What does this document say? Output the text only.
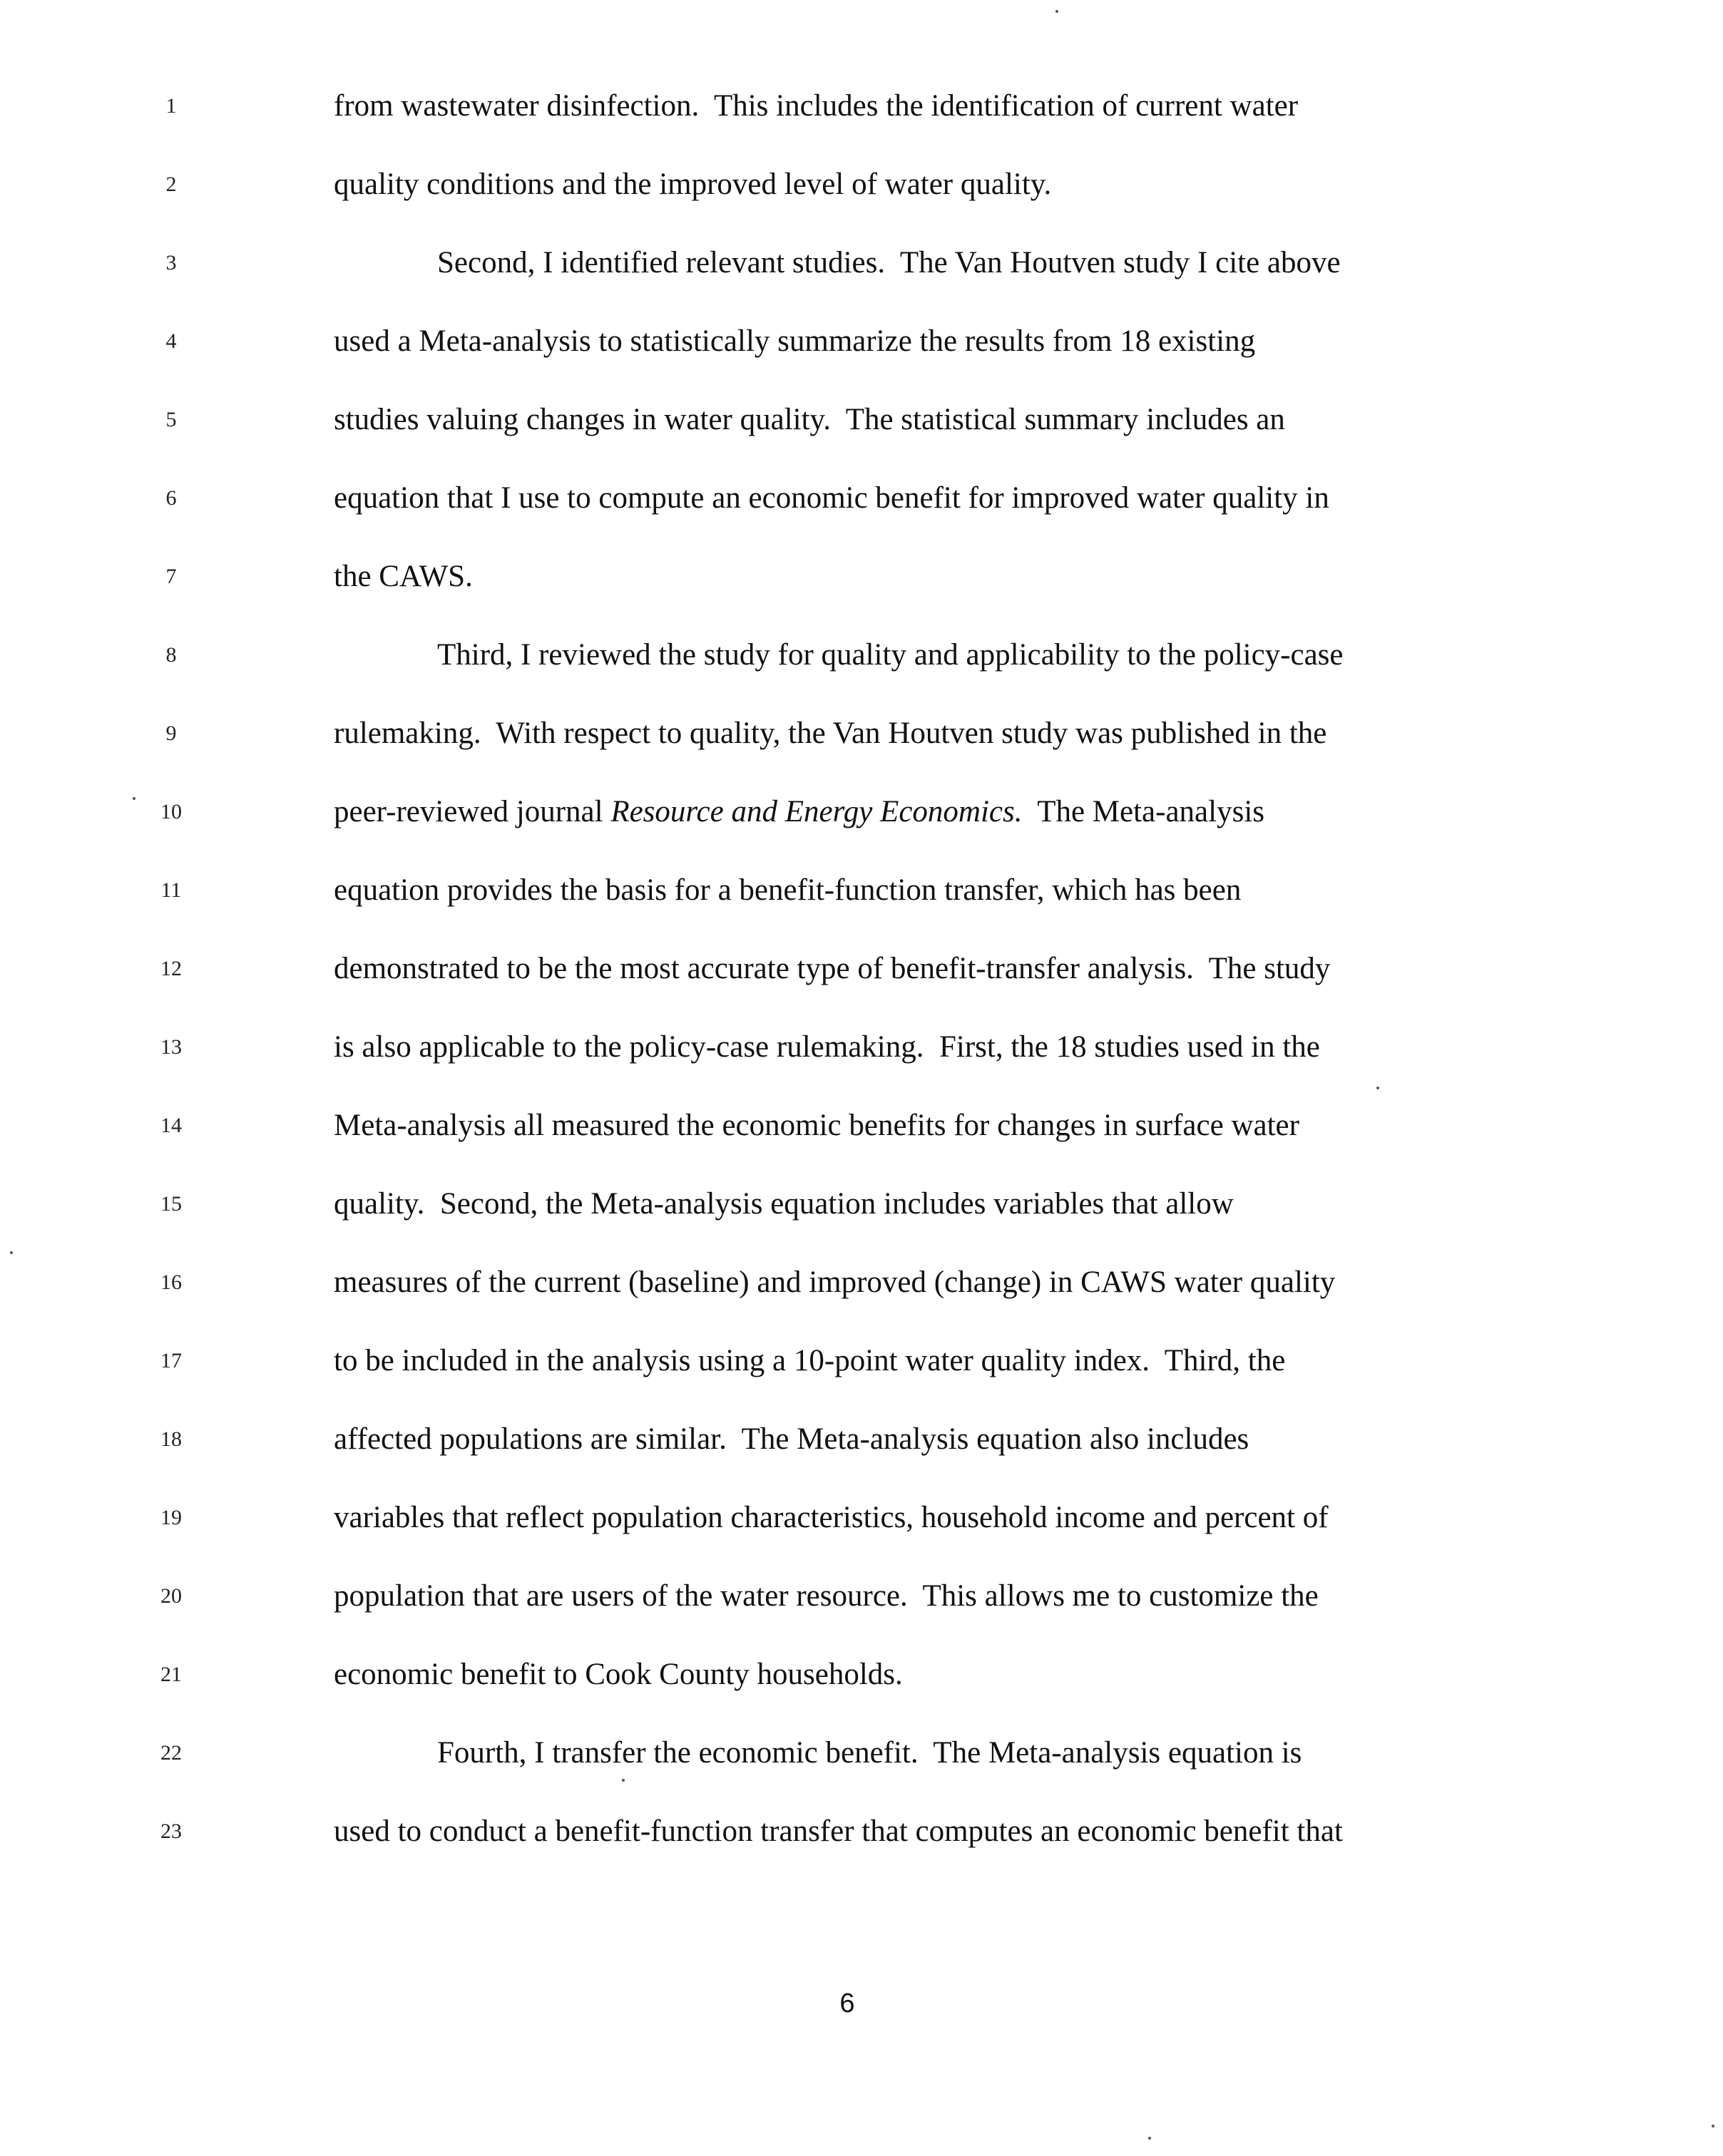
1	from wastewater disinfection.  This includes the identification of current water
2	quality conditions and the improved level of water quality.
3	Second, I identified relevant studies.  The Van Houtven study I cite above
4	used a Meta-analysis to statistically summarize the results from 18 existing
5	studies valuing changes in water quality.  The statistical summary includes an
6	equation that I use to compute an economic benefit for improved water quality in
7	the CAWS.
8	Third, I reviewed the study for quality and applicability to the policy-case
9	rulemaking.  With respect to quality, the Van Houtven study was published in the
10	peer-reviewed journal Resource and Energy Economics.  The Meta-analysis
11	equation provides the basis for a benefit-function transfer, which has been
12	demonstrated to be the most accurate type of benefit-transfer analysis.  The study
13	is also applicable to the policy-case rulemaking.  First, the 18 studies used in the
14	Meta-analysis all measured the economic benefits for changes in surface water
15	quality.  Second, the Meta-analysis equation includes variables that allow
16	measures of the current (baseline) and improved (change) in CAWS water quality
17	to be included in the analysis using a 10-point water quality index.  Third, the
18	affected populations are similar.  The Meta-analysis equation also includes
19	variables that reflect population characteristics, household income and percent of
20	population that are users of the water resource.  This allows me to customize the
21	economic benefit to Cook County households.
22	Fourth, I transfer the economic benefit.  The Meta-analysis equation is
23	used to conduct a benefit-function transfer that computes an economic benefit that
6
